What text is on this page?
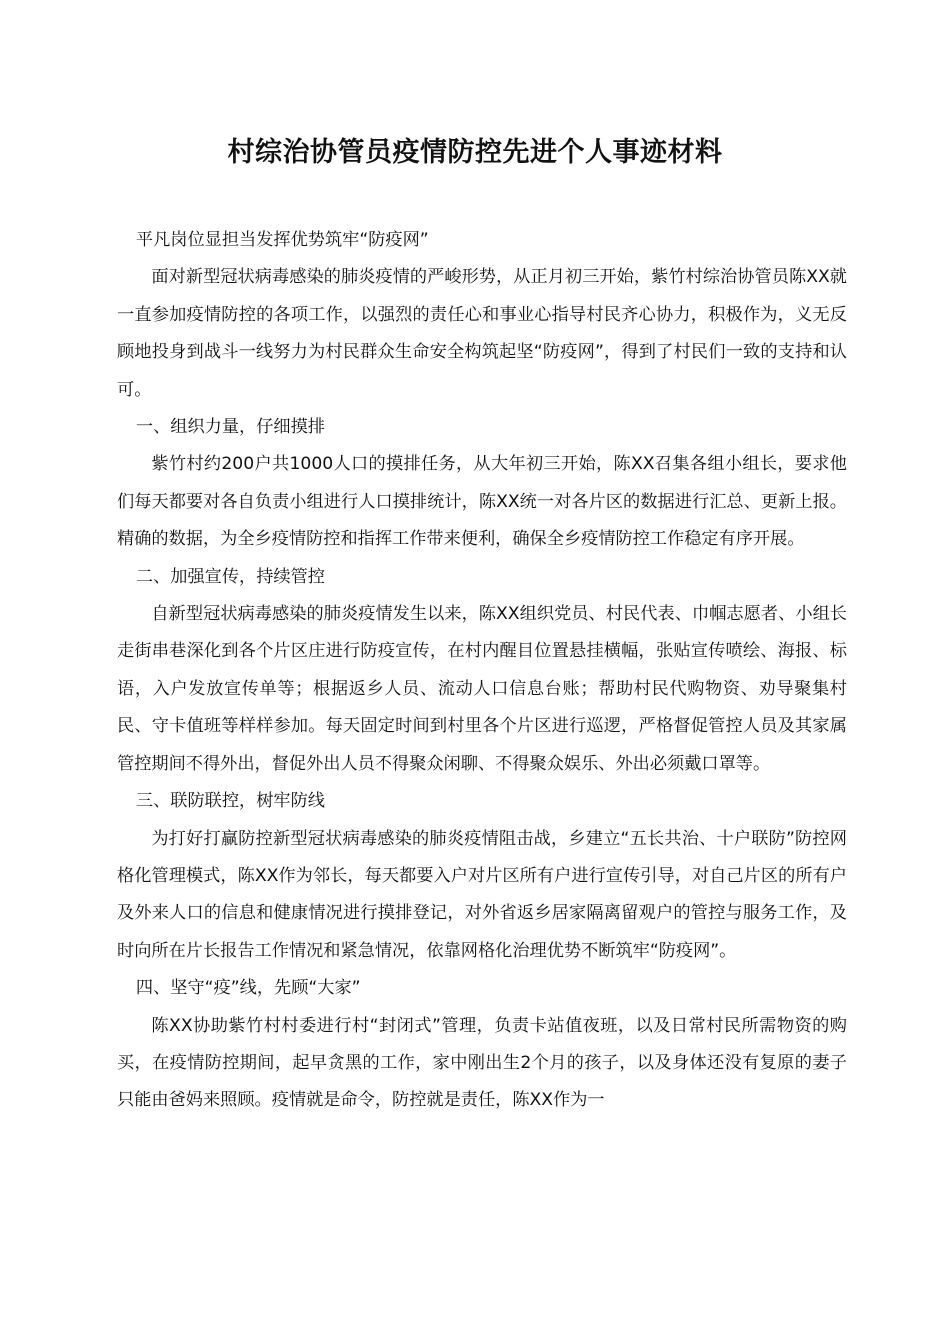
村综治协管员疫情防控先进个人事迹材料

平凡岗位显担当发挥优势筑牢“防疫网”

面对新型冠状病毒感染的肺炎疫情的严峻形势，从正月初三开始，紫竹村综治协管员陈XX就一直参加疫情防控的各项工作，以强烈的责任心和事业心指导村民齐心协力，积极作为，义无反顾地投身到战斗一线努力为村民群众生命安全构筑起坚“防疫网”，得到了村民们一致的支持和认可。

一、组织力量，仔细摸排

紫竹村约200户共1000人口的摸排任务，从大年初三开始，陈XX召集各组小组长，要求他们每天都要对各自负责小组进行人口摸排统计，陈XX统一对各片区的数据进行汇总、更新上报。精确的数据，为全乡疫情防控和指挥工作带来便利，确保全乡疫情防控工作稳定有序开展。

二、加强宣传，持续管控

自新型冠状病毒感染的肺炎疫情发生以来，陈XX组织党员、村民代表、巾帼志愿者、小组长走街串巷深化到各个片区庄进行防疫宣传，在村内醒目位置悬挂横幅，张贴宣传喷绘、海报、标语，入户发放宣传单等；根据返乡人员、流动人口信息台账；帮助村民代购物资、劝导聚集村民、守卡值班等样样参加。每天固定时间到村里各个片区进行巡逻，严格督促管控人员及其家属管控期间不得外出，督促外出人员不得聚众闲聊、不得聚众娱乐、外出必须戴口罩等。

三、联防联控，树牢防线

为打好打赢防控新型冠状病毒感染的肺炎疫情阻击战，乡建立“五长共治、十户联防”防控网格化管理模式，陈XX作为邻长，每天都要入户对片区所有户进行宣传引导，对自己片区的所有户及外来人口的信息和健康情况进行摸排登记，对外省返乡居家隔离留观户的管控与服务工作，及时向所在片长报告工作情况和紧急情况，依靠网格化治理优势不断筑牢“防疫网”。

四、坚守“疫”线，先顾“大家”

陈XX协助紫竹村村委进行村“封闭式”管理，负责卡站值夜班，以及日常村民所需物资的购买，在疫情防控期间，起早贪黑的工作，家中刚出生2个月的孩子，以及身体还没有复原的妻子只能由爸妈来照顾。疫情就是命令，防控就是责任，陈XX作为一
